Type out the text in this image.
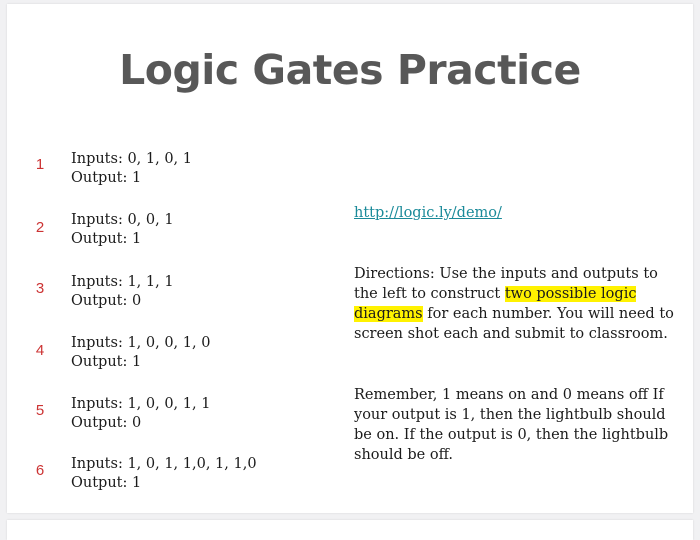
Logic Gates Practice
1	Inputs: 0, 1, 0, 1
Output: 1
2	Inputs: 0, 0, 1
Output: 1
3	Inputs: 1, 1, 1
Output: 0
4	Inputs: 1, 0, 0, 1, 0
Output: 1
5	Inputs: 1, 0, 0, 1, 1
Output: 0
6	Inputs: 1, 0, 1, 1,0, 1, 1,0
Output: 1
http://logic.ly/demo/
Directions: Use the inputs and outputs to the left to construct two possible logic diagrams for each number. You will need to screen shot each and submit to classroom.
Remember, 1 means on and 0 means off If your output is 1, then the lightbulb should be on. If the output is 0, then the lightbulb should be off.
